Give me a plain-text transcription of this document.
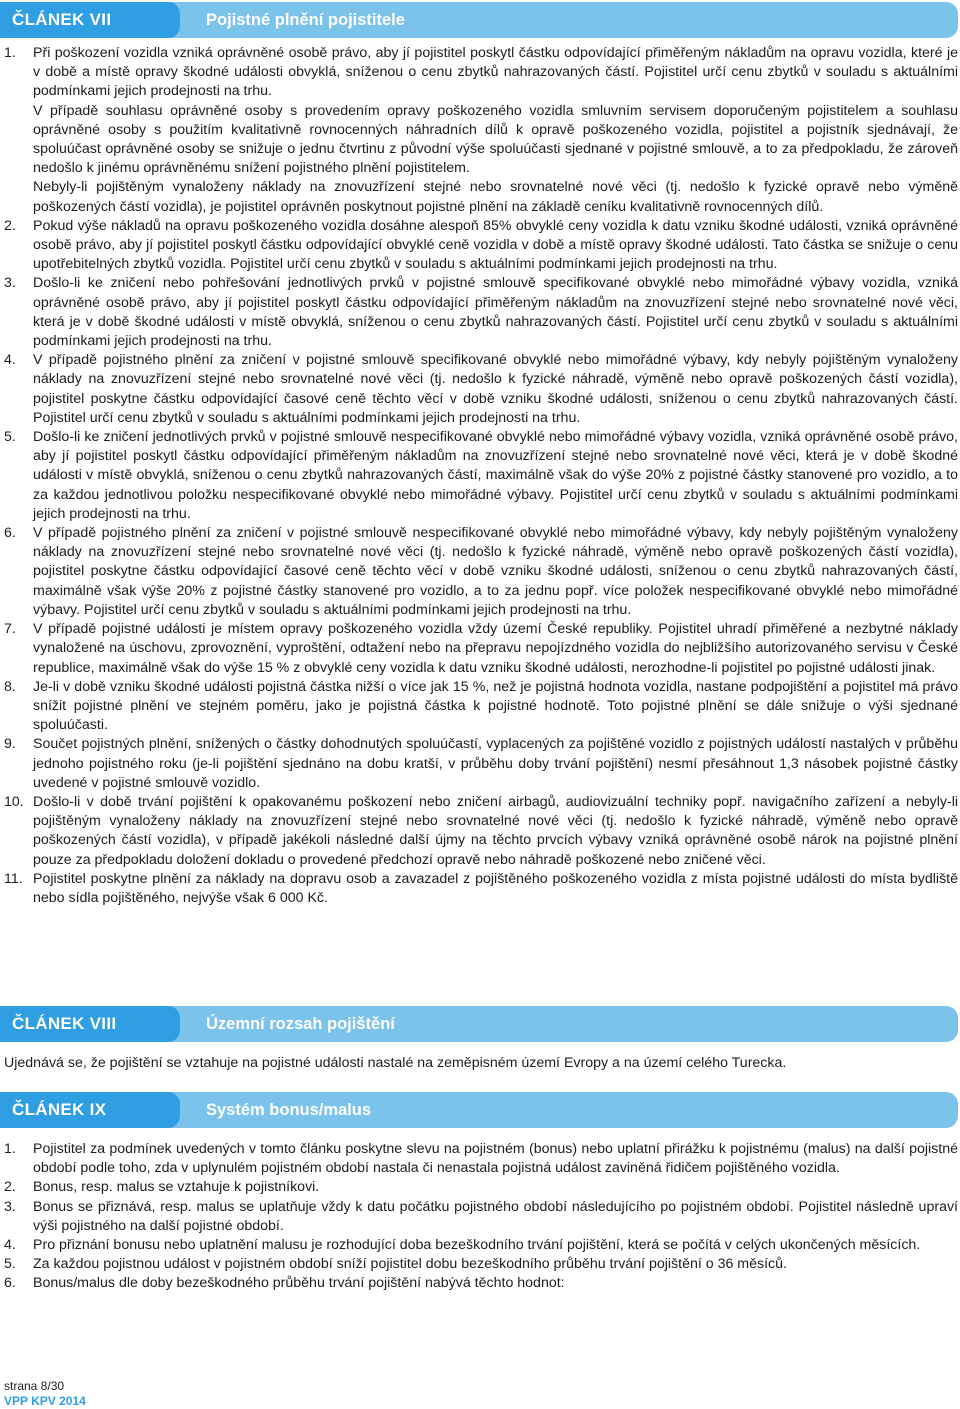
ČLÁNEK VII	Pojistné plnění pojistitele
1. Při poškození vozidla vzniká oprávněné osobě právo, aby jí pojistitel poskytl částku odpovídající přiměřeným nákladům na opravu vozidla, které je v době a místě opravy škodné události obvyklá, sníženou o cenu zbytků nahrazovaných částí. Pojistitel určí cenu zbytků v souladu s aktuálními podmínkami jejich prodejnosti na trhu.

V případě souhlasu oprávněné osoby s provedením opravy poškozeného vozidla smluvním servisem doporučeným pojistitelem a souhlasu oprávněné osoby s použitím kvalitativně rovnocenných náhradních dílů k opravě poškozeného vozidla, pojistitel a pojistník sjednávají, že spoluúčast oprávněné osoby se snižuje o jednu čtvrtinu z původní výše spoluúčasti sjednané v pojistné smlouvě, a to za předpokladu, že zároveň nedošlo k jinému oprávněnému snížení pojistného plnění pojistitelem.

Nebyly-li pojištěným vynaloženy náklady na znovuzřízení stejné nebo srovnatelné nové věci (tj. nedošlo k fyzické opravě nebo výměně poškozených částí vozidla), je pojistitel oprávněn poskytnout pojistné plnění na základě ceníku kvalitativně rovnocenných dílů.

2. Pokud výše nákladů na opravu poškozeného vozidla dosáhne alespoň 85% obvyklé ceny vozidla k datu vzniku škodné události, vzniká oprávněné osobě právo, aby jí pojistitel poskytl částku odpovídající obvyklé ceně vozidla v době a místě opravy škodné události. Tato částka se snižuje o cenu upotřebitelných zbytků vozidla. Pojistitel určí cenu zbytků v souladu s aktuálními podmínkami jejich prodejnosti na trhu.

3. Došlo-li ke zničení nebo pohřešování jednotlivých prvků v pojistné smlouvě specifikované obvyklé nebo mimořádné výbavy vozidla, vzniká oprávněné osobě právo, aby jí pojistitel poskytl částku odpovídající přiměřeným nákladům na znovuzřízení stejné nebo srovnatelné nové věci, která je v době škodné události v místě obvyklá, sníženou o cenu zbytků nahrazovaných částí. Pojistitel určí cenu zbytků v souladu s aktuálními podmínkami jejich prodejnosti na trhu.

4. V případě pojistného plnění za zničení v pojistné smlouvě specifikované obvyklé nebo mimořádné výbavy, kdy nebyly pojištěným vynaloženy náklady na znovuzřízení stejné nebo srovnatelné nové věci (tj. nedošlo k fyzické náhradě, výměně nebo opravě poškozených částí vozidla), pojistitel poskytne částku odpovídající časové ceně těchto věcí v době vzniku škodné události, sníženou o cenu zbytků nahrazovaných částí. Pojistitel určí cenu zbytků v souladu s aktuálními podmínkami jejich prodejnosti na trhu.

5. Došlo-li ke zničení jednotlivých prvků v pojistné smlouvě nespecifikované obvyklé nebo mimořádné výbavy vozidla, vzniká oprávněné osobě právo, aby jí pojistitel poskytl částku odpovídající přiměřeným nákladům na znovuzřízení stejné nebo srovnatelné nové věci, která je v době škodné události v místě obvyklá, sníženou o cenu zbytků nahrazovaných částí, maximálně však do výše 20% z pojistné částky stanovené pro vozidlo, a to za každou jednotlivou položku nespecifikované obvyklé nebo mimořádné výbavy. Pojistitel určí cenu zbytků v souladu s aktuálními podmínkami jejich prodejnosti na trhu.

6. V případě pojistného plnění za zničení v pojistné smlouvě nespecifikované obvyklé nebo mimořádné výbavy, kdy nebyly pojištěným vynaloženy náklady na znovuzřízení stejné nebo srovnatelné nové věci (tj. nedošlo k fyzické náhradě, výměně nebo opravě poškozených částí vozidla), pojistitel poskytne částku odpovídající časové ceně těchto věcí v době vzniku škodné události, sníženou o cenu zbytků nahrazovaných částí, maximálně však výše 20% z pojistné částky stanovené pro vozidlo, a to za jednu popř. více položek nespecifikované obvyklé nebo mimořádné výbavy. Pojistitel určí cenu zbytků v souladu s aktuálními podmínkami jejich prodejnosti na trhu.

7. V případě pojistné události je místem opravy poškozeného vozidla vždy území České republiky. Pojistitel uhradí přiměřené a nezbytné náklady vynaložené na úschovu, zprovoznění, vyproštění, odtažení nebo na přepravu nepojízdného vozidla do nejbližšího autorizovaného servisu v České republice, maximálně však do výše 15 % z obvyklé ceny vozidla k datu vzniku škodné události, nerozhodne-li pojistitel po pojistné události jinak.

8. Je-li v době vzniku škodné události pojistná částka nižší o více jak 15 %, než je pojistná hodnota vozidla, nastane podpojištění a pojistitel má právo snížit pojistné plnění ve stejném poměru, jako je pojistná částka k pojistné hodnotě. Toto pojistné plnění se dále snižuje o výši sjednané spoluúčasti.

9. Součet pojistných plnění, snížených o částky dohodnutých spoluúčastí, vyplacených za pojištěné vozidlo z pojistných událostí nastalých v průběhu jednoho pojistného roku (je-li pojištění sjednáno na dobu kratší, v průběhu doby trvání pojištění) nesmí přesáhnout 1,3 násobek pojistné částky uvedené v pojistné smlouvě vozidlo.

10. Došlo-li v době trvání pojištění k opakovanému poškození nebo zničení airbagů, audiovizuální techniky popř. navigačního zařízení a nebyly-li pojištěným vynaloženy náklady na znovuzřízení stejné nebo srovnatelné nové věci (tj. nedošlo k fyzické náhradě, výměně nebo opravě poškozených částí vozidla), v případě jakékoli následné další újmy na těchto prvcích výbavy vzniká oprávněné osobě nárok na pojistné plnění pouze za předpokladu doložení dokladu o provedené předchozí opravě nebo náhradě poškozené nebo zničené věci.

11. Pojistitel poskytne plnění za náklady na dopravu osob a zavazadel z pojištěného poškozeného vozidla z místa pojistné události do místa bydliště nebo sídla pojištěného, nejvýše však 6 000 Kč.

ČLÁNEK VIII	Územní rozsah pojištění
Ujednává se, že pojištění se vztahuje na pojistné události nastalé na zeměpisném území Evropy a na území celého Turecka.
ČLÁNEK IX	Systém bonus/malus
1. Pojistitel za podmínek uvedených v tomto článku poskytne slevu na pojistném (bonus) nebo uplatní přirážku k pojistnému (malus) na další pojistné období podle toho, zda v uplynulém pojistném období nastala či nenastala pojistná událost zaviněná řidičem pojištěného vozidla.

2. Bonus, resp. malus se vztahuje k pojistníkovi.

3. Bonus se přiznává, resp. malus se uplatňuje vždy k datu počátku pojistného období následujícího po pojistném období. Pojistitel následně upraví výši pojistného na další pojistné období.

4. Pro přiznání bonusu nebo uplatnění malusu je rozhodující doba bezeškodního trvání pojištění, která se počítá v celých ukončených měsících.

5. Za každou pojistnou událost v pojistném období sníží pojistitel dobu bezeškodního průběhu trvání pojištění o 36 měsíců.

6. Bonus/malus dle doby bezeškodného průběhu trvání pojištění nabývá těchto hodnot:

strana 8/30
VPP KPV 2014
